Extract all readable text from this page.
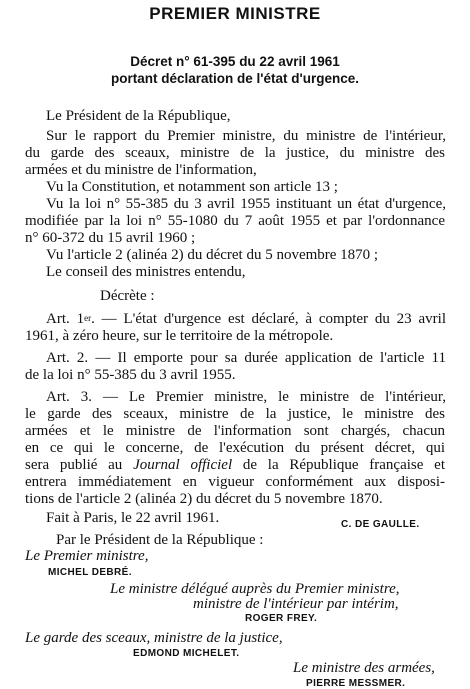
PREMIER MINISTRE
Décret n° 61-395 du 22 avril 1961
portant déclaration de l'état d'urgence.
Le Président de la République,
Sur le rapport du Premier ministre, du ministre de l'intérieur,
du garde des sceaux, ministre de la justice, du ministre des
armées et du ministre de l'information,
Vu la Constitution, et notamment son article 13 ;
Vu la loi n° 55-385 du 3 avril 1955 instituant un état d'urgence,
modifiée par la loi n° 55-1080 du 7 août 1955 et par l'ordonnance
n° 60-372 du 15 avril 1960 ;
Vu l'article 2 (alinéa 2) du décret du 5 novembre 1870 ;
Le conseil des ministres entendu,
Décrète :
Art. 1er. — L'état d'urgence est déclaré, à compter du 23 avril
1961, à zéro heure, sur le territoire de la métropole.
Art. 2. — Il emporte pour sa durée application de l'article 11
de la loi n° 55-385 du 3 avril 1955.
Art. 3. — Le Premier ministre, le ministre de l'intérieur,
le garde des sceaux, ministre de la justice, le ministre des
armées et le ministre de l'information sont chargés, chacun
en ce qui le concerne, de l'exécution du présent décret, qui
sera publié au Journal officiel de la République française et
entrera immédiatement en vigueur conformément aux disposi-
tions de l'article 2 (alinéa 2) du décret du 5 novembre 1870.
Fait à Paris, le 22 avril 1961.	C. DE GAULLE.
Par le Président de la République :
Le Premier ministre,
MICHEL DEBRÉ.
Le ministre délégué auprès du Premier ministre,
ministre de l'intérieur par intérim,
ROGER FREY.
Le garde des sceaux, ministre de la justice,
EDMOND MICHELET.
Le ministre des armées,
PIERRE MESSMER.
